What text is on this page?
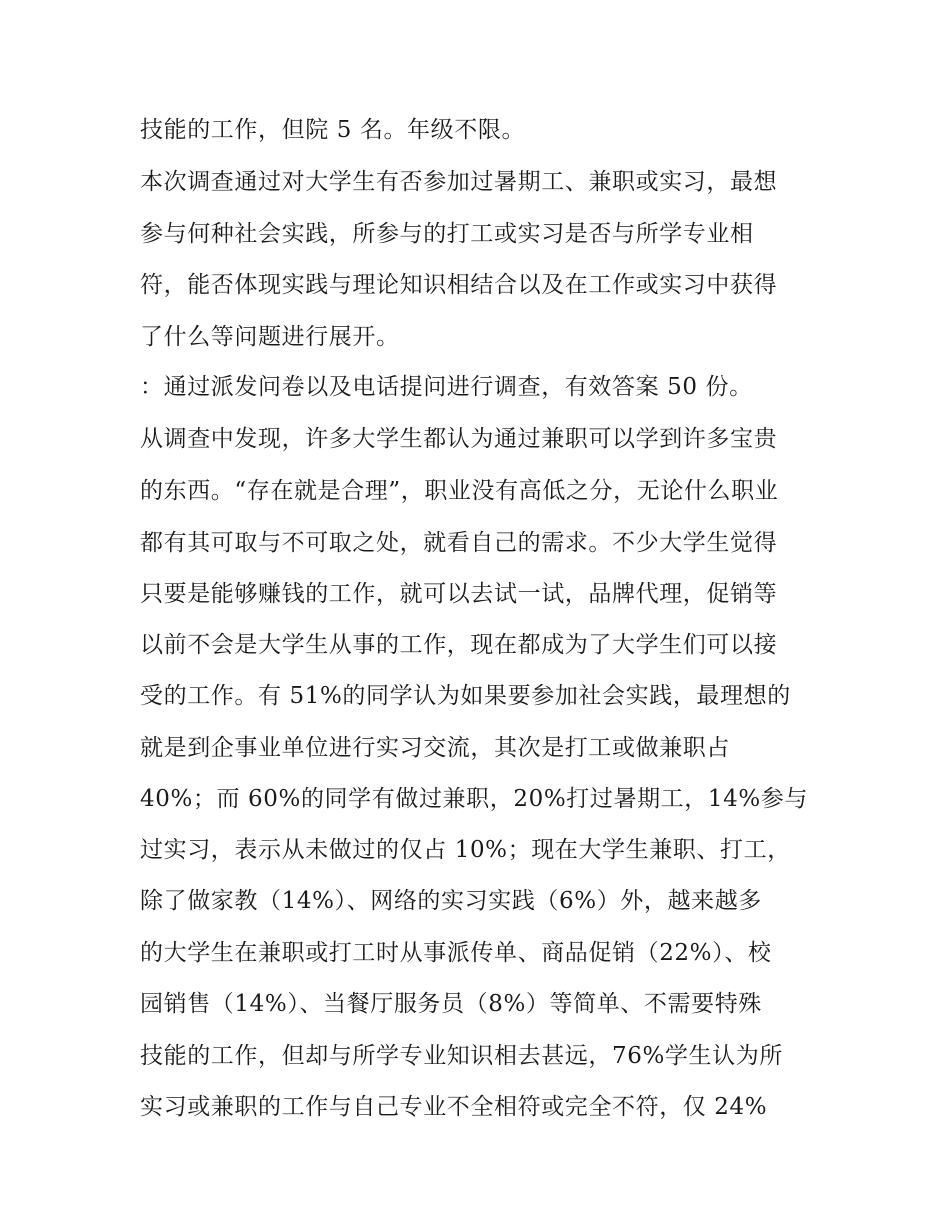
技能的工作，但院 5 名。年级不限。
本次调查通过对大学生有否参加过暑期工、兼职或实习，最想
参与何种社会实践，所参与的打工或实习是否与所学专业相
符，能否体现实践与理论知识相结合以及在工作或实习中获得
了什么等问题进行展开。
：通过派发问卷以及电话提问进行调查，有效答案 50 份。
从调查中发现，许多大学生都认为通过兼职可以学到许多宝贵
的东西。“存在就是合理”，职业没有高低之分，无论什么职业
都有其可取与不可取之处，就看自己的需求。不少大学生觉得
只要是能够赚钱的工作，就可以去试一试，品牌代理，促销等
以前不会是大学生从事的工作，现在都成为了大学生们可以接
受的工作。有 51%的同学认为如果要参加社会实践，最理想的
就是到企事业单位进行实习交流，其次是打工或做兼职占
40%；而 60%的同学有做过兼职，20%打过暑期工，14%参与
过实习，表示从未做过的仅占 10%；现在大学生兼职、打工，
除了做家教（14%）、网络的实习实践（6%）外，越来越多
的大学生在兼职或打工时从事派传单、商品促销（22%）、校
园销售（14%）、当餐厅服务员（8%）等简单、不需要特殊
技能的工作，但却与所学专业知识相去甚远，76%学生认为所
实习或兼职的工作与自己专业不全相符或完全不符，仅 24%
